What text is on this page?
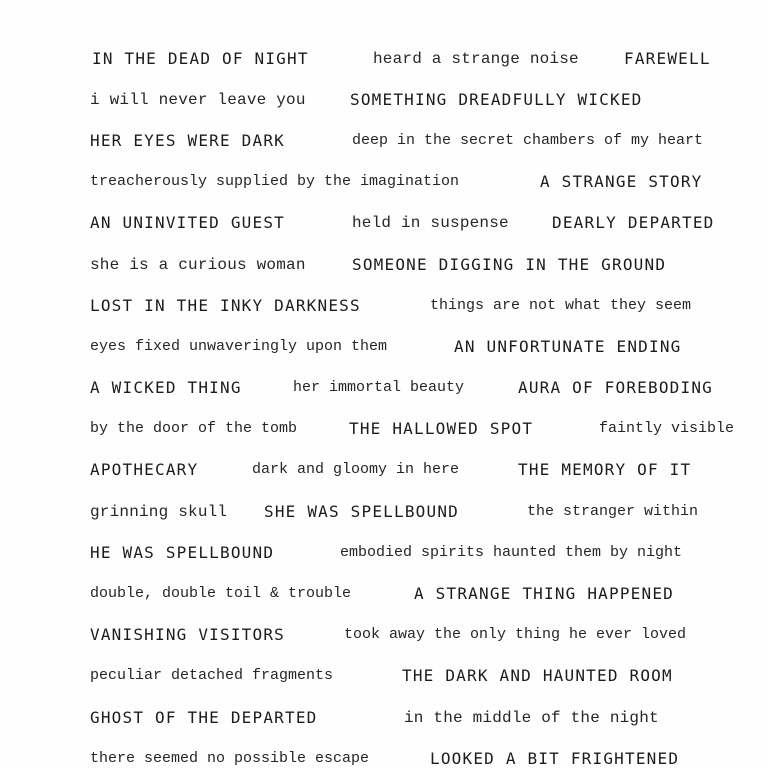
IN THE DEAD OF NIGHT	heard a strange noise	FAREWELL
i will never leave you	SOMETHING DREADFULLY WICKED
HER EYES WERE DARK	deep in the secret chambers of my heart
treacherously supplied by the imagination	A STRANGE STORY
AN UNINVITED GUEST	held in suspense	DEARLY DEPARTED
she is a curious woman	SOMEONE DIGGING IN THE GROUND
LOST IN THE INKY DARKNESS	things are not what they seem
eyes fixed unwaveringly upon them	AN UNFORTUNATE ENDING
A WICKED THING	her immortal beauty	AURA OF FOREBODING
by the door of the tomb	THE HALLOWED SPOT	faintly visible
APOTHECARY	dark and gloomy in here	THE MEMORY OF IT
grinning skull SHE WAS SPELLBOUND	the stranger within
HE WAS SPELLBOUND	embodied spirits haunted them by night
double, double toil & trouble	A STRANGE THING HAPPENED
VANISHING VISITORS	took away the only thing he ever loved
peculiar detached fragments	THE DARK AND HAUNTED ROOM
GHOST OF THE DEPARTED	in the middle of the night
there seemed no possible escape	LOOKED A BIT FRIGHTENED
